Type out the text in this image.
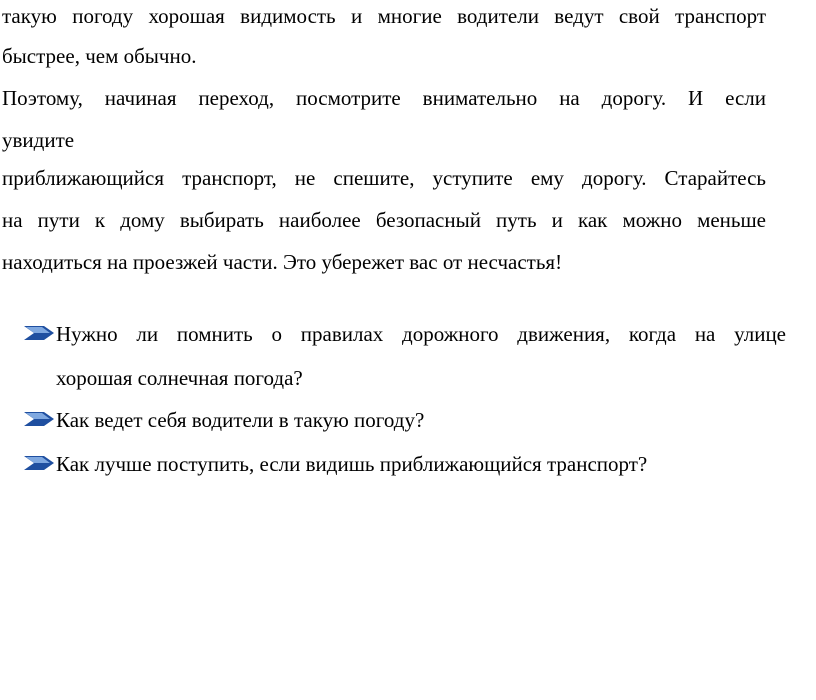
такую погоду хорошая видимость и многие водители ведут свой транспорт
быстрее, чем обычно.
Поэтому, начиная переход, посмотрите внимательно на дорогу. И если
увидите
приближающийся транспорт, не спешите, уступите ему дорогу. Старайтесь
на пути к дому выбирать наиболее безопасный путь и как можно меньше
находиться на проезжей части. Это убережет вас от несчастья!
Нужно ли помнить о правилах дорожного движения, когда на улице
хорошая солнечная погода?
Как ведет себя водители в такую погоду?
Как лучше поступить, если видишь приближающийся транспорт?
